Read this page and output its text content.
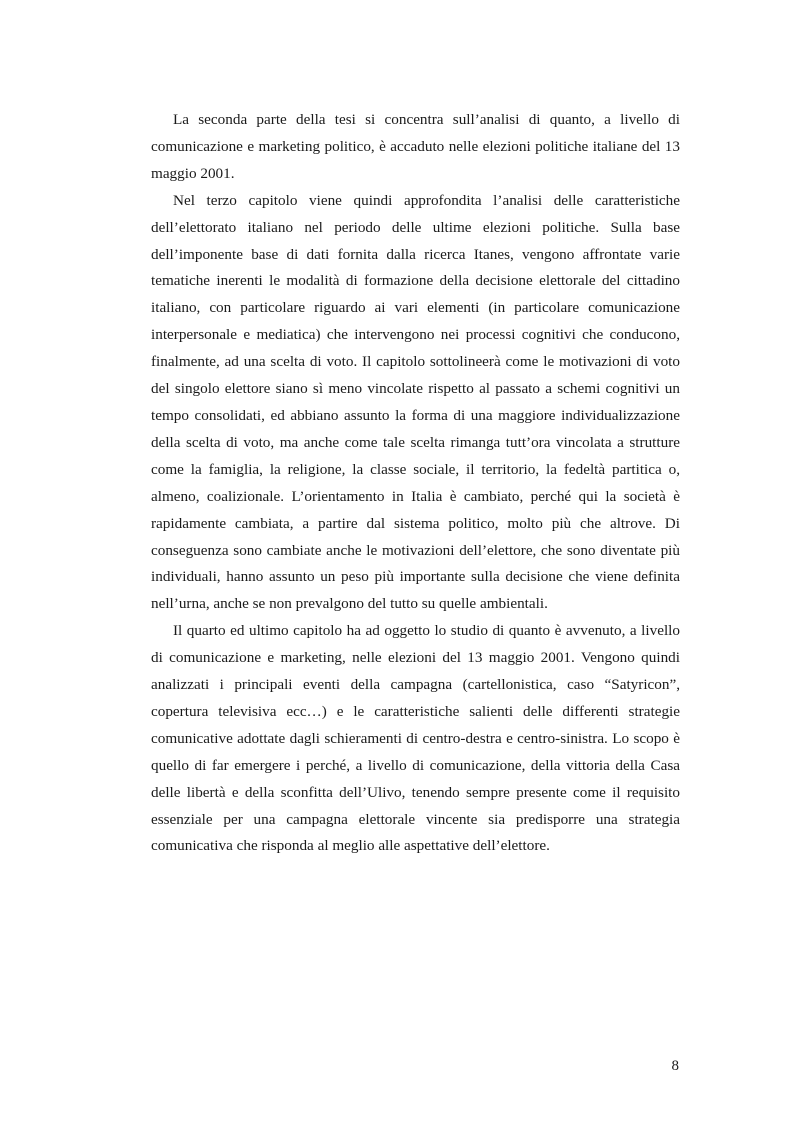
La seconda parte della tesi si concentra sull’analisi di quanto, a livello di comunicazione e marketing politico, è accaduto nelle elezioni politiche italiane del 13 maggio 2001.

Nel terzo capitolo viene quindi approfondita l’analisi delle caratteristiche dell’elettorato italiano nel periodo delle ultime elezioni politiche. Sulla base dell’imponente base di dati fornita dalla ricerca Itanes, vengono affrontate varie tematiche inerenti le modalità di formazione della decisione elettorale del cittadino italiano, con particolare riguardo ai vari elementi (in particolare comunicazione interpersonale e mediatica) che intervengono nei processi cognitivi che conducono, finalmente, ad una scelta di voto. Il capitolo sottolineerà come le motivazioni di voto del singolo elettore siano sì meno vincolate rispetto al passato a schemi cognitivi un tempo consolidati, ed abbiano assunto la forma di una maggiore individualizzazione della scelta di voto, ma anche come tale scelta rimanga tutt’ora vincolata a strutture come la famiglia, la religione, la classe sociale, il territorio, la fedeltà partitica o, almeno, coalizionale. L’orientamento in Italia è cambiato, perché qui la società è rapidamente cambiata, a partire dal sistema politico, molto più che altrove. Di conseguenza sono cambiate anche le motivazioni dell’elettore, che sono diventate più individuali, hanno assunto un peso più importante sulla decisione che viene definita nell’urna, anche se non prevalgono del tutto su quelle ambientali.

Il quarto ed ultimo capitolo ha ad oggetto lo studio di quanto è avvenuto, a livello di comunicazione e marketing, nelle elezioni del 13 maggio 2001. Vengono quindi analizzati i principali eventi della campagna (cartellonistica, caso “Satyricon”, copertura televisiva ecc…) e le caratteristiche salienti delle differenti strategie comunicative adottate dagli schieramenti di centro-destra e centro-sinistra. Lo scopo è quello di far emergere i perché, a livello di comunicazione, della vittoria della Casa delle libertà e della sconfitta dell’Ulivo, tenendo sempre presente come il requisito essenziale per una campagna elettorale vincente sia predisporre una strategia comunicativa che risponda al meglio alle aspettative dell’elettore.

8
